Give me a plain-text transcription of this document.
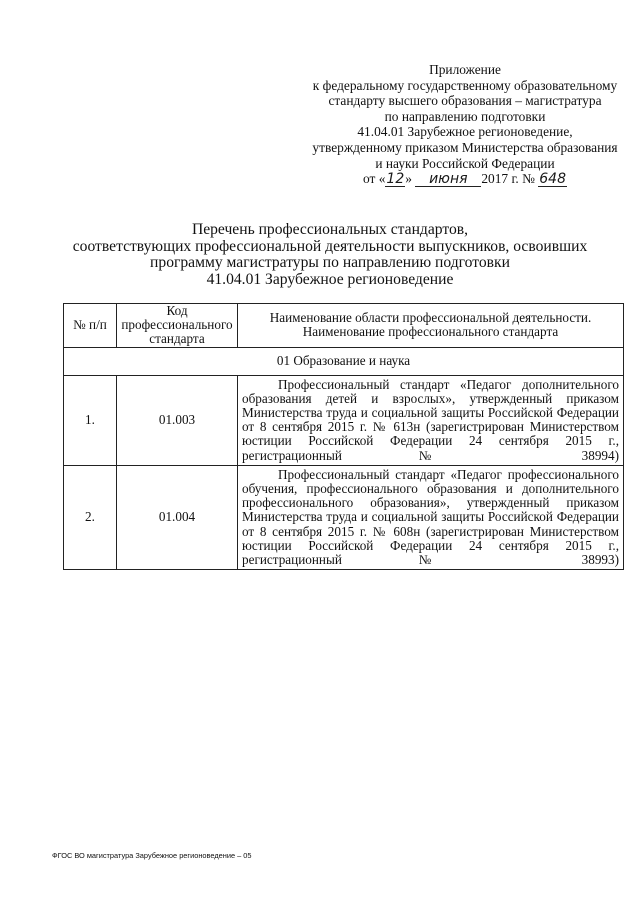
Приложение
к федеральному государственному образовательному
стандарту высшего образования – магистратура
по направлению подготовки
41.04.01 Зарубежное регионоведение,
утвержденному приказом Министерства образования
и науки Российской Федерации
от «12» июня 2017 г. № 648
Перечень профессиональных стандартов,
соответствующих профессиональной деятельности выпускников, освоивших
программу магистратуры по направлению подготовки
41.04.01 Зарубежное регионоведение
№ п/п	Код профессионального стандарта	Наименование области профессиональной деятельности. Наименование профессионального стандарта
01 Образование и наука		
1.	01.003	Профессиональный стандарт «Педагог дополнительного образования детей и взрослых», утвержденный приказом Министерства труда и социальной защиты Российской Федерации от 8 сентября 2015 г. № 613н (зарегистрирован Министерством юстиции Российской Федерации 24 сентября 2015 г., регистрационный № 38994)

2.	01.004	Профессиональный стандарт «Педагог профессионального обучения, профессионального образования и дополнительного профессионального образования», утвержденный приказом Министерства труда и социальной защиты Российской Федерации от 8 сентября 2015 г. № 608н (зарегистрирован Министерством юстиции Российской Федерации 24 сентября 2015 г., регистрационный № 38993)
ФГОС ВО магистратура Зарубежное регионоведение – 05
